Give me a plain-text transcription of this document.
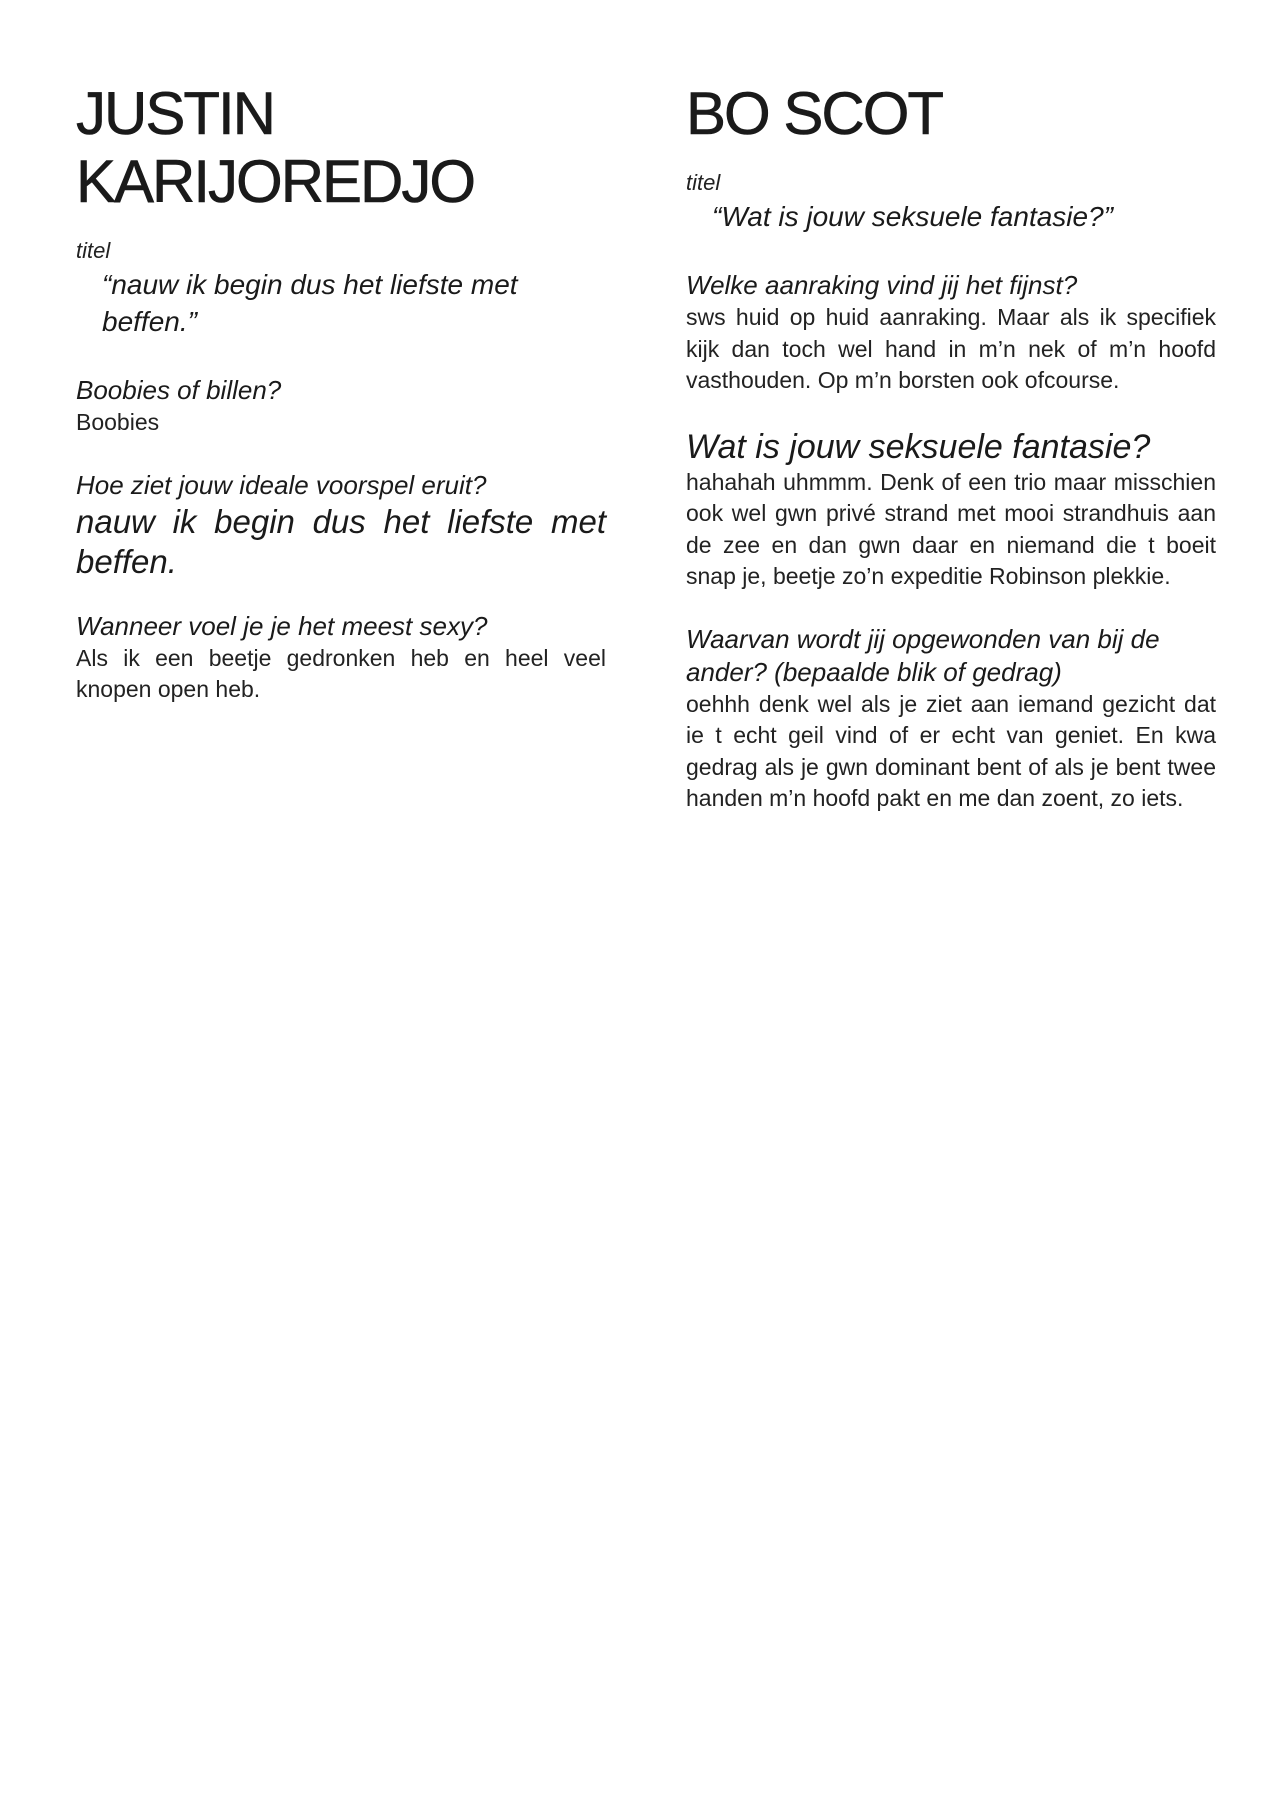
JUSTIN
KARIJOREDJO
titel
“nauw ik begin dus het liefste met beffen.”
Boobies of billen?
Boobies
Hoe ziet jouw ideale voorspel eruit?
nauw ik begin dus het liefste met beffen.
Wanneer voel je je het meest sexy?
Als ik een beetje gedronken heb en heel veel knopen open heb.
BO SCOT
titel
“Wat is jouw seksuele fantasie?”
Welke aanraking vind jij het fijnst?
sws huid op huid aanraking. Maar als ik specifiek kijk dan toch wel hand in m’n nek of m’n hoofd vasthouden. Op m’n borsten ook ofcourse.
Wat is jouw seksuele fantasie?
hahahah uhmmm. Denk of een trio maar misschien ook wel gwn privé strand met mooi strandhuis aan de zee en dan gwn daar en niemand die t boeit snap je, beetje zo’n expeditie Robinson plekkie.
Waarvan wordt jij opgewonden van bij de ander? (bepaalde blik of gedrag)
oehhh denk wel als je ziet aan iemand gezicht dat ie t echt geil vind of er echt van geniet. En kwa gedrag als je gwn dominant bent of als je bent twee handen m’n hoofd pakt en me dan zoent, zo iets.
